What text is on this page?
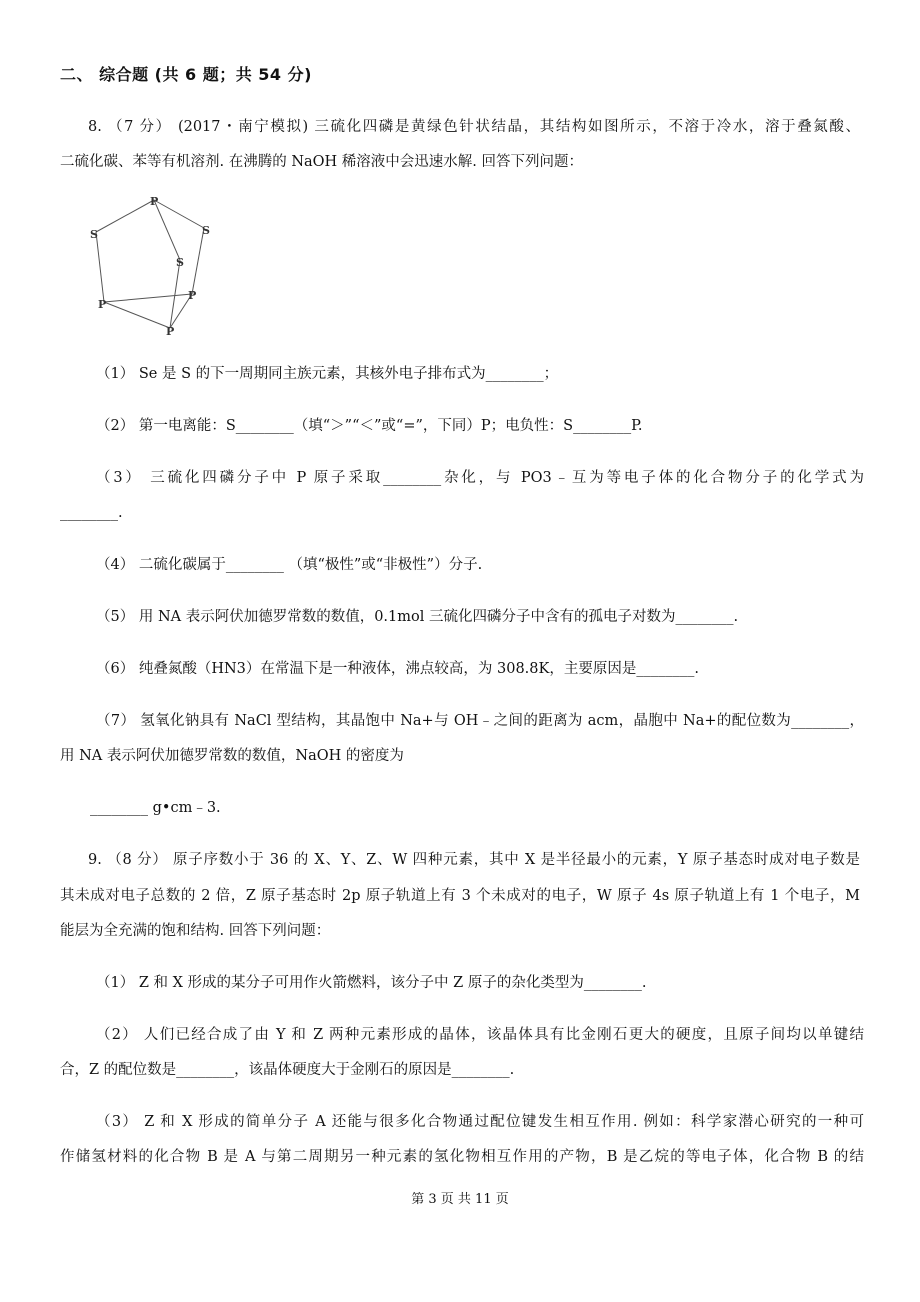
二、 综合题 (共 6 题；共 54 分)
8. （7 分） (2017・南宁模拟) 三硫化四磷是黄绿色针状结晶，其结构如图所示，不溶于冷水，溶于叠氮酸、
二硫化碳、苯等有机溶剂. 在沸腾的 NaOH 稀溶液中会迅速水解. 回答下列问题：
P
S	S
S
P
P
P
（1） Se 是 S 的下一周期同主族元素，其核外电子排布式为________；
（2） 第一电离能：S________（填“＞”“＜”或“=”，下同）P；电负性：S________P.
（3） 三硫化四磷分子中 P 原子采取________杂化，与 PO3﹣互为等电子体的化合物分子的化学式为
________.
（4） 二硫化碳属于________ （填“极性”或“非极性”）分子.
（5） 用 NA 表示阿伏加德罗常数的数值，0.1mol 三硫化四磷分子中含有的孤电子对数为________.
（6） 纯叠氮酸（HN3）在常温下是一种液体，沸点较高，为 308.8K，主要原因是________.
（7） 氢氧化钠具有 NaCl 型结构，其晶饱中 Na+与 OH﹣之间的距离为 acm，晶胞中 Na+的配位数为________，
用 NA 表示阿伏加德罗常数的数值，NaOH 的密度为
________ g•cm﹣3.
9. （8 分） 原子序数小于 36 的 X、Y、Z、W 四种元素，其中 X 是半径最小的元素，Y 原子基态时成对电子数是
其未成对电子总数的 2 倍，Z 原子基态时 2p 原子轨道上有 3 个未成对的电子，W 原子 4s 原子轨道上有 1 个电子，M
能层为全充满的饱和结构. 回答下列问题：
（1） Z 和 X 形成的某分子可用作火箭燃料，该分子中 Z 原子的杂化类型为________.
（2） 人们已经合成了由 Y 和 Z 两种元素形成的晶体，该晶体具有比金刚石更大的硬度，且原子间均以单键结
合，Z 的配位数是________，该晶体硬度大于金刚石的原因是________.
（3） Z 和 X 形成的简单分子 A 还能与很多化合物通过配位键发生相互作用. 例如：科学家潜心研究的一种可
作储氢材料的化合物 B 是 A 与第二周期另一种元素的氢化物相互作用的产物，B 是乙烷的等电子体，化合物 B 的结
第 3 页 共 11 页
